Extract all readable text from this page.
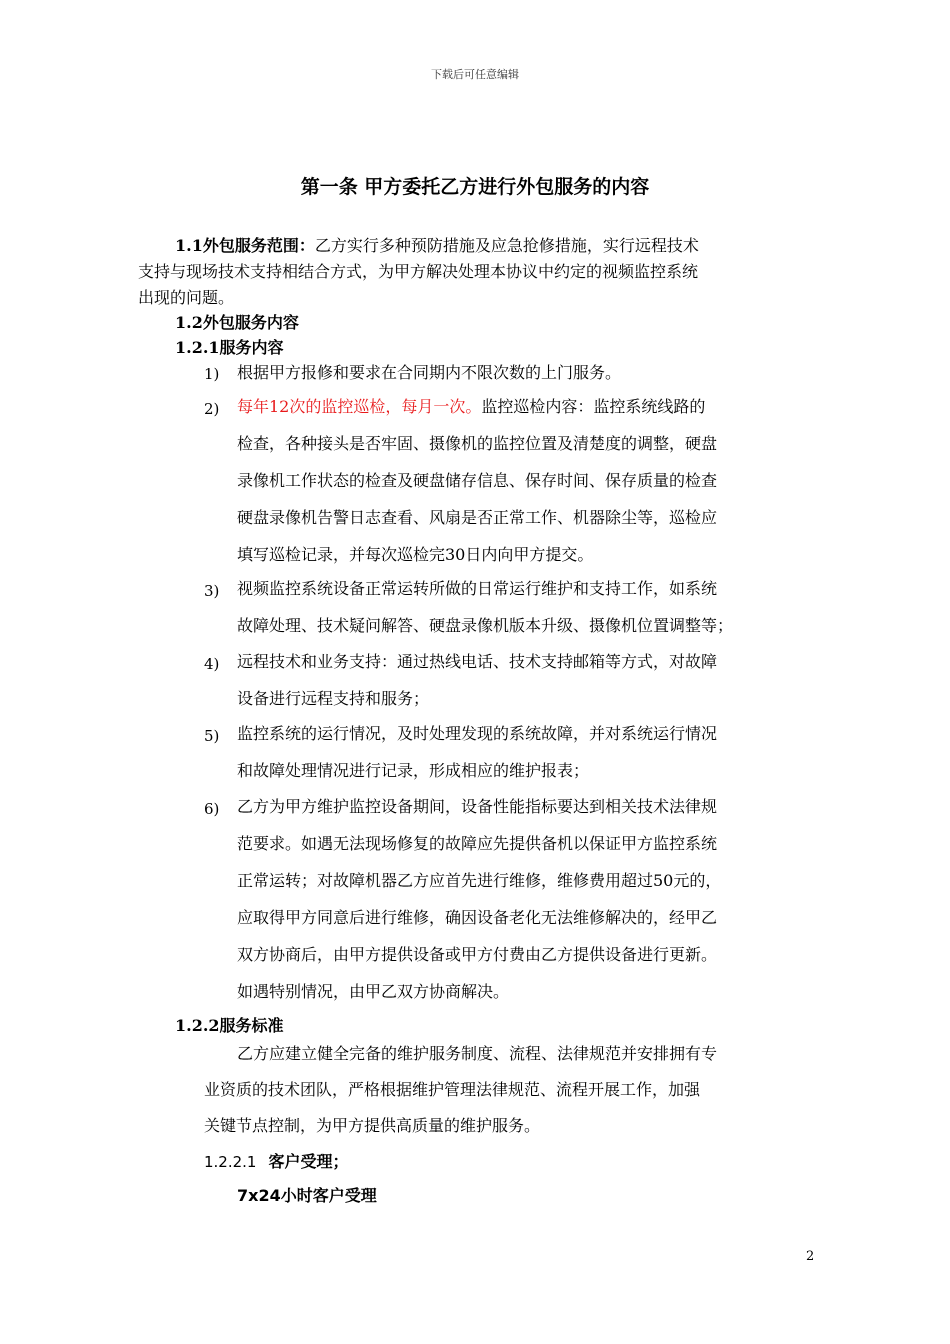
下载后可任意编辑
第一条 甲方委托乙方进行外包服务的内容
1.1外包服务范围：乙方实行多种预防措施及应急抢修措施，实行远程技术
支持与现场技术支持相结合方式，为甲方解决处理本协议中约定的视频监控系统
出现的问题。
1.2外包服务内容
1.2.1服务内容
1) 根据甲方报修和要求在合同期内不限次数的上门服务。
2) 每年12次的监控巡检，每月一次。监控巡检内容：监控系统线路的
检查，各种接头是否牢固、摄像机的监控位置及清楚度的调整，硬盘
录像机工作状态的检查及硬盘储存信息、保存时间、保存质量的检查
硬盘录像机告警日志查看、风扇是否正常工作、机器除尘等，巡检应
填写巡检记录，并每次巡检完30日内向甲方提交。
3) 视频监控系统设备正常运转所做的日常运行维护和支持工作，如系统
故障处理、技术疑问解答、硬盘录像机版本升级、摄像机位置调整等；
4) 远程技术和业务支持：通过热线电话、技术支持邮箱等方式，对故障
设备进行远程支持和服务；
5) 监控系统的运行情况，及时处理发现的系统故障，并对系统运行情况
和故障处理情况进行记录，形成相应的维护报表；
6) 乙方为甲方维护监控设备期间，设备性能指标要达到相关技术法律规
范要求。如遇无法现场修复的故障应先提供备机以保证甲方监控系统
正常运转；对故障机器乙方应首先进行维修，维修费用超过50元的，
应取得甲方同意后进行维修，确因设备老化无法维修解决的，经甲乙
双方协商后，由甲方提供设备或甲方付费由乙方提供设备进行更新。
如遇特别情况，由甲乙双方协商解决。
1.2.2服务标准
乙方应建立健全完备的维护服务制度、流程、法律规范并安排拥有专
业资质的技术团队，严格根据维护管理法律规范、流程开展工作，加强
关键节点控制，为甲方提供高质量的维护服务。
1.2.2.1 客户受理；
7x24小时客户受理
2
